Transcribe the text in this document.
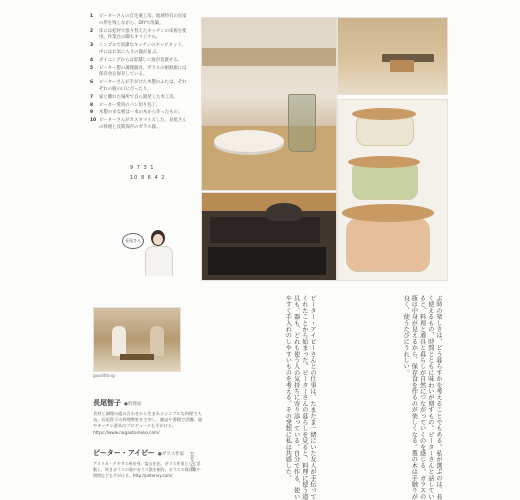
1	ピーターさんの自宅兼工房。地域特有の民家の形を残しながら、DIYで改築。
2	床には松材で張り替えたキッチンの床板を使用。作業台の脚もオリジナル。
3	シンプルで清潔なキッチンのキャビネット。中にはお気に入りの器が並ぶ。
4	ダイニングからは窓越しに庭が見渡せる。
5	ピーター製の調理器具。ガラスの耐熱瓶には保存食を保存している。
6	ピーターさんが手がけた木製のふたは、それぞれの瓶の口にぴったり。
7	家と離れた場所で自ら開発した木工房。
8	ピーター愛用のパン切り包丁。
9	木製のまな板は一本の木から作ったもの。
10 ピーターさんがカスタマイズした、長尾さんの料理と長期保存のガラス器。
9 7 3 1
10 8 6 4 2
長尾さん
goodthing
長尾智子 ●料理家
食材と調理の組み合わせから生まれるシンプルな料理で人気。長尾智子の料理教室を主宰し、雑誌や書籍で活躍。器やキッチン道具のプロデュースも手がける。https://www.nagaotomoko.com/
ピーター・アイビー ●ガラス作家
アメリカ・テキサス州出身。富山在住。ガラス作家として活動し、吹きガラスの器やガラス瓶を制作。ガラスの保存瓶や照明なども手がける。http://peterivy.com/
page 036	ピーター・アイビーさんとの仕事は、たまたま一緒にいた友人が手伝ってくれたことから始まった。ピーターさんの暮らしを見ると、料理に使う道具も、器も、どれも使う人の気持ちに寄り添っている。自分で作る、使いやすく手入れのしやすいものを考える。その発想に私は共感した。	ぶ時の楽しさは、どう暮らすかを考えることでもある。私が選ぶのは、長く使えるもの、時間とともに味わいが増すもの。ピーターさんと話していると、料理と道具と暮らしが自然につながっていくのを感じる。ガラスの瓶は中身が見えるから、保存食を作るのが楽しくなる。蓋の木は手触りが良く、使うたびにうれしい。
